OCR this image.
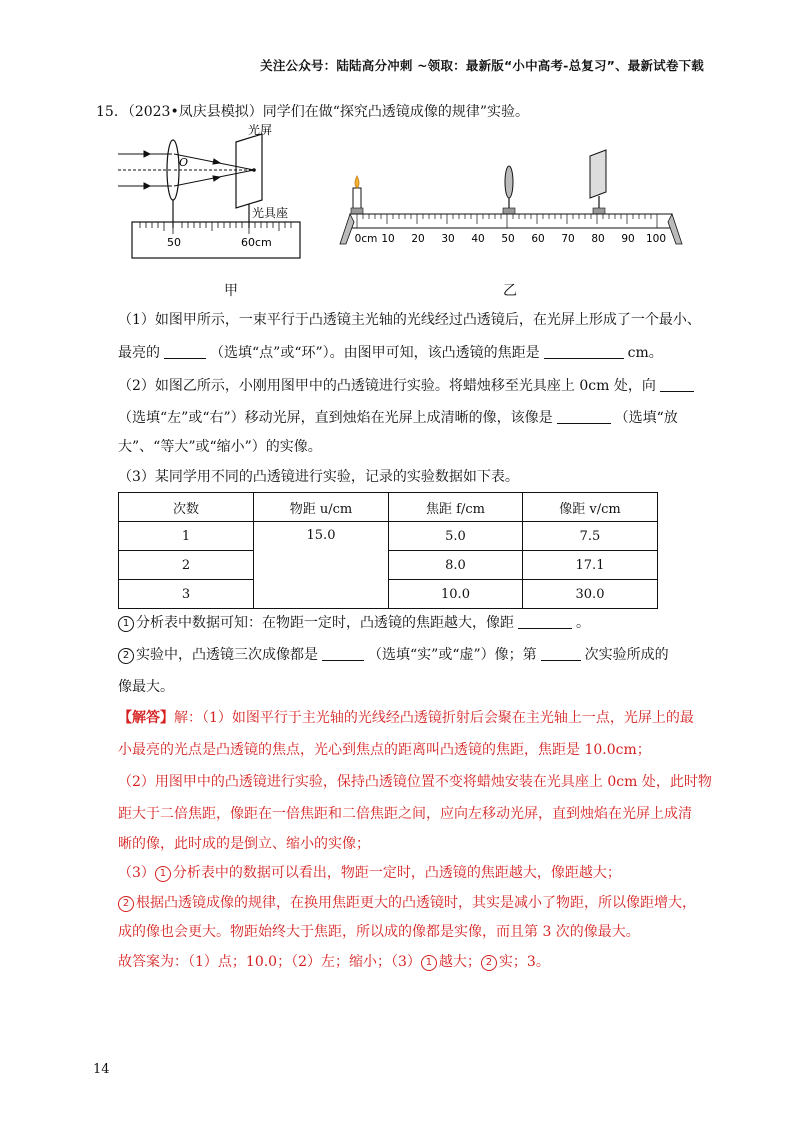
关注公众号：陆陆高分冲刺 ~领取：最新版“小中高考-总复习”、最新试卷下载
15．（2023•凤庆县模拟）同学们在做“探究凸透镜成像的规律”实验。
O
光屏
光具座
50	60cm
甲
0cm 10 20 30 40 50 60 70 80 90 100
乙
（1）如图甲所示，一束平行于凸透镜主光轴的光线经过凸透镜后，在光屏上形成了一个最小、
最亮的	（选填“点”或“环”）。由图甲可知，该凸透镜的焦距是	cm。
（2）如图乙所示，小刚用图甲中的凸透镜进行实验。将蜡烛移至光具座上 0cm 处，向
（选填“左”或“右”）移动光屏，直到烛焰在光屏上成清晰的像，该像是	（选填“放
大”、“等大”或“缩小”）的实像。
（3）某同学用不同的凸透镜进行实验，记录的实验数据如下表。
次数	物距 u/cm	焦距 f/cm	像距 v/cm
1	15.0	5.0	7.5
2		8.0	17.1
3		10.0	30.0
1 分析表中数据可知：在物距一定时，凸透镜的焦距越大，像距	。
2 实验中，凸透镜三次成像都是	（选填“实”或“虚”）像；第	次实验所成的
像最大。
【解答】解：（1）如图平行于主光轴的光线经凸透镜折射后会聚在主光轴上一点，光屏上的最
小最亮的光点是凸透镜的焦点，光心到焦点的距离叫凸透镜的焦距，焦距是 10.0cm；
（2）用图甲中的凸透镜进行实验，保持凸透镜位置不变将蜡烛安装在光具座上 0cm 处，此时物
距大于二倍焦距，像距在一倍焦距和二倍焦距之间，应向左移动光屏，直到烛焰在光屏上成清
晰的像，此时成的是倒立、缩小的实像；
（3） 1 分析表中的数据可以看出，物距一定时，凸透镜的焦距越大，像距越大；
2 根据凸透镜成像的规律，在换用焦距更大的凸透镜时，其实是减小了物距，所以像距增大，
成的像也会更大。物距始终大于焦距，所以成的像都是实像，而且第 3 次的像最大。
故答案为：（1）点；10.0；（2）左；缩小；（3） 1 越大； 2 实；3。
14
